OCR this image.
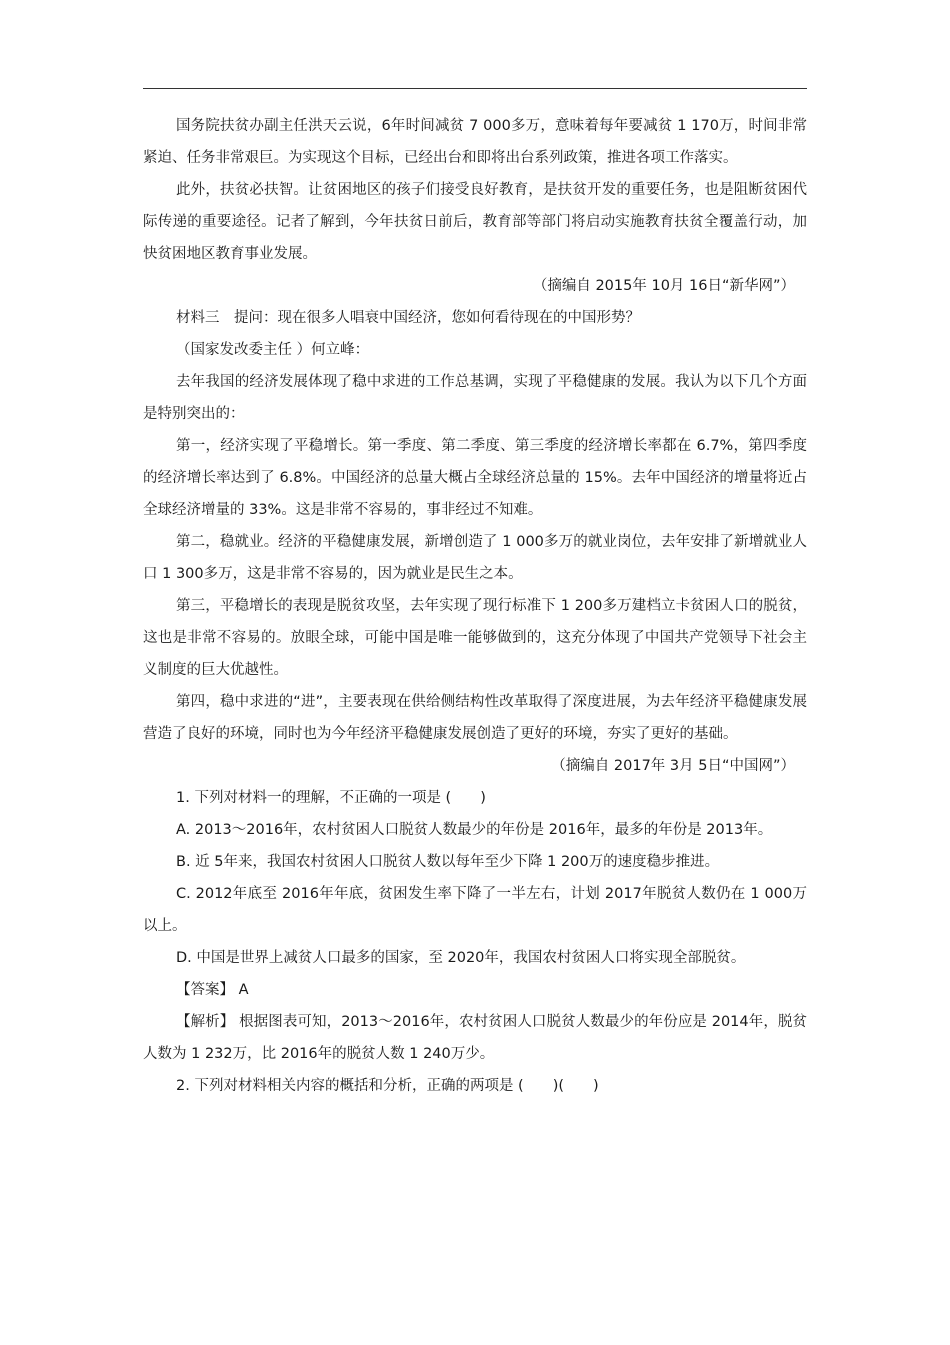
国务院扶贫办副主任洪天云说，6年时间减贫 7 000多万，意味着每年要减贫 1 170万，时间非常紧迫、任务非常艰巨。为实现这个目标，已经出台和即将出台系列政策，推进各项工作落实。

此外，扶贫必扶智。让贫困地区的孩子们接受良好教育，是扶贫开发的重要任务，也是阻断贫困代际传递的重要途径。记者了解到，今年扶贫日前后，教育部等部门将启动实施教育扶贫全覆盖行动，加快贫困地区教育事业发展。

（摘编自 2015年 10月 16日“新华网”）

材料三　提问：现在很多人唱衰中国经济，您如何看待现在的中国形势？

（国家发改委主任 ）何立峰：

去年我国的经济发展体现了稳中求进的工作总基调，实现了平稳健康的发展。我认为以下几个方面是特别突出的：

第一，经济实现了平稳增长。第一季度、第二季度、第三季度的经济增长率都在 6.7%，第四季度的经济增长率达到了 6.8%。中国经济的总量大概占全球经济总量的 15%。去年中国经济的增量将近占全球经济增量的 33%。这是非常不容易的，事非经过不知难。

第二，稳就业。经济的平稳健康发展，新增创造了 1 000多万的就业岗位，去年安排了新增就业人口 1 300多万，这是非常不容易的，因为就业是民生之本。

第三，平稳增长的表现是脱贫攻坚，去年实现了现行标准下 1 200多万建档立卡贫困人口的脱贫，这也是非常不容易的。放眼全球，可能中国是唯一能够做到的，这充分体现了中国共产党领导下社会主义制度的巨大优越性。

第四，稳中求进的“进”，主要表现在供给侧结构性改革取得了深度进展，为去年经济平稳健康发展营造了良好的环境，同时也为今年经济平稳健康发展创造了更好的环境，夯实了更好的基础。

（摘编自 2017年 3月 5日“中国网”）

1. 下列对材料一的理解，不正确的一项是 (　　)

A. 2013～2016年，农村贫困人口脱贫人数最少的年份是 2016年，最多的年份是 2013年。

B. 近 5年来，我国农村贫困人口脱贫人数以每年至少下降 1 200万的速度稳步推进。

C. 2012年底至 2016年年底，贫困发生率下降了一半左右，计划 2017年脱贫人数仍在 1 000万以上。

D. 中国是世界上减贫人口最多的国家，至 2020年，我国农村贫困人口将实现全部脱贫。

【答案】 A

【解析】 根据图表可知，2013～2016年，农村贫困人口脱贫人数最少的年份应是 2014年，脱贫人数为 1 232万，比 2016年的脱贫人数 1 240万少。

2. 下列对材料相关内容的概括和分析，正确的两项是 (　　)(　　)
